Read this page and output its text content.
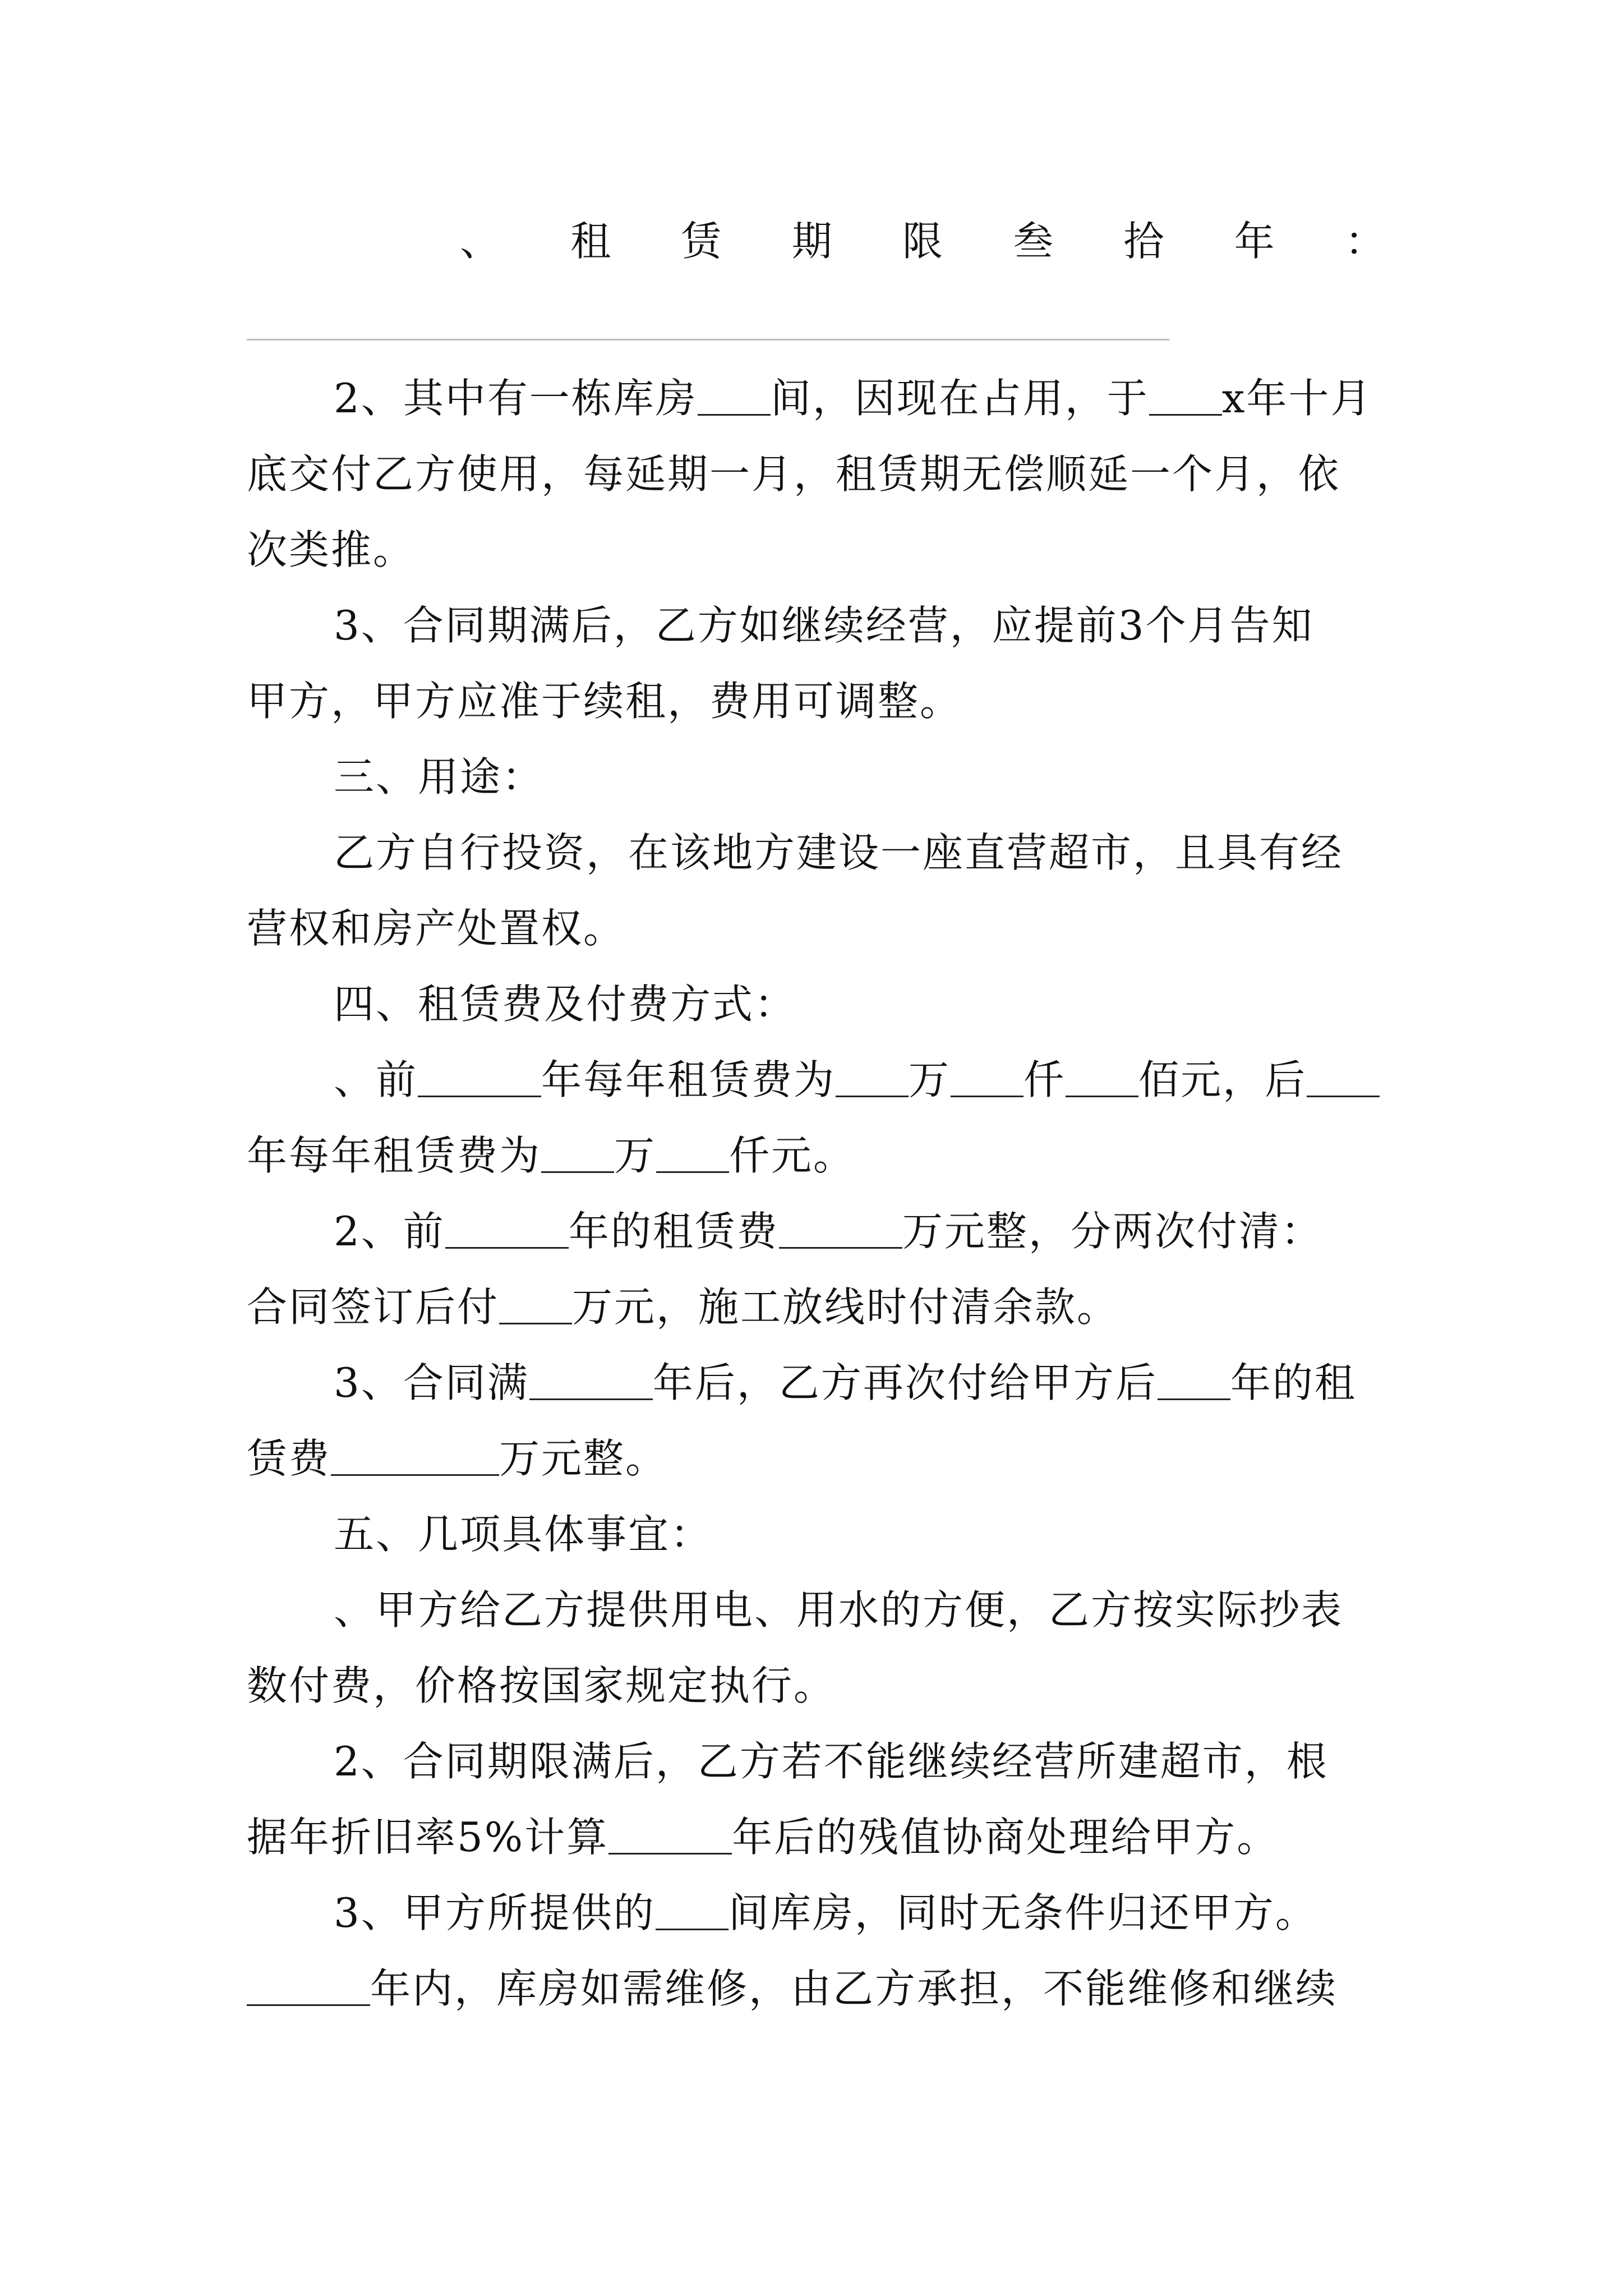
、 租 赁 期 限 叁 拾 年 ：
2、其中有一栋库房 间，因现在占用，于 x年十月
底交付乙方使用，每延期一月，租赁期无偿顺延一个月，依
次类推。
3、合同期满后，乙方如继续经营，应提前3个月告知
甲方，甲方应准于续租，费用可调整。
三、用途：
乙方自行投资，在该地方建设一座直营超市，且具有经
营权和房产处置权。
四、租赁费及付费方式：
、前	年每年租赁费为 万 仟 佰元，后
年每年租赁费为 万 仟元。
2、前	年的租赁费	万元整，分两次付清：
合同签订后付 万元，施工放线时付清余款。
3、合同满	年后，乙方再次付给甲方后 年的租
赁费	万元整。
五、几项具体事宜：
、甲方给乙方提供用电、用水的方便，乙方按实际抄表
数付费，价格按国家规定执行。
2、合同期限满后，乙方若不能继续经营所建超市，根
据年折旧率5%计算	年后的残值协商处理给甲方。
3、甲方所提供的 间库房，同时无条件归还甲方。
年内，库房如需维修，由乙方承担，不能维修和继续
